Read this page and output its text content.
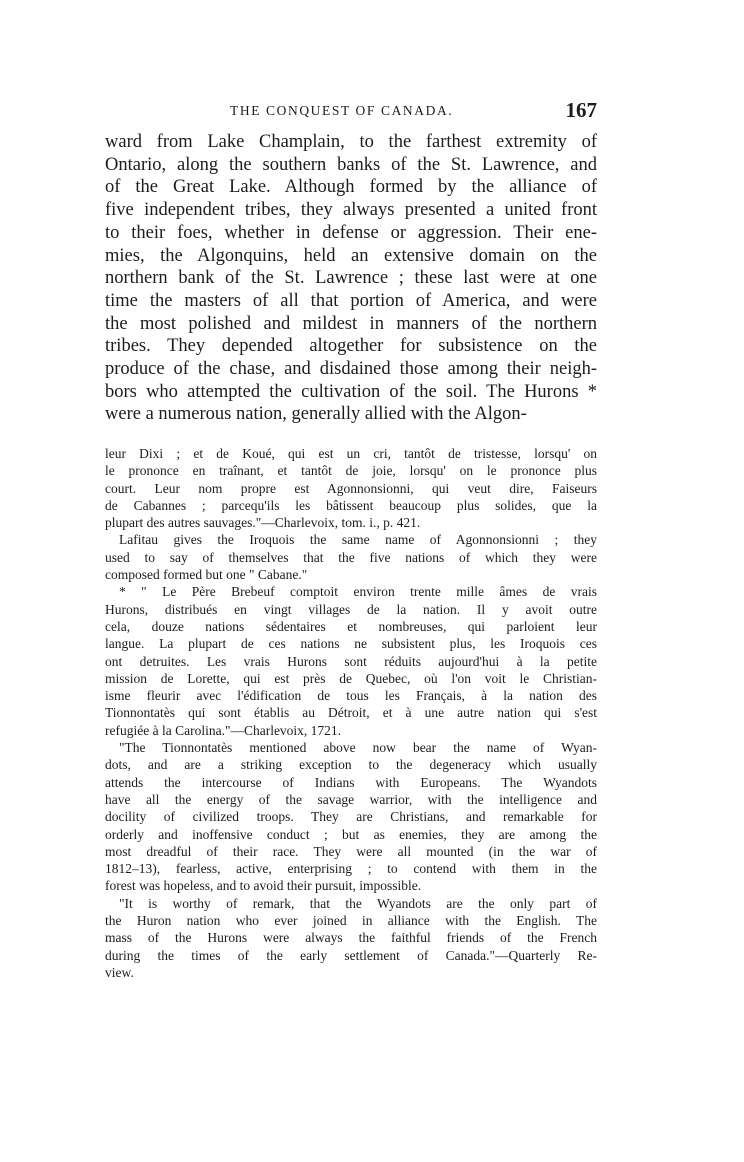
THE CONQUEST OF CANADA.	167
ward from Lake Champlain, to the farthest extremity of
Ontario, along the southern banks of the St. Lawrence, and
of the Great Lake. Although formed by the alliance of
five independent tribes, they always presented a united front
to their foes, whether in defense or aggression. Their ene-
mies, the Algonquins, held an extensive domain on the
northern bank of the St. Lawrence ; these last were at one
time the masters of all that portion of America, and were
the most polished and mildest in manners of the northern
tribes. They depended altogether for subsistence on the
produce of the chase, and disdained those among their neigh-
bors who attempted the cultivation of the soil. The Hurons *
were a numerous nation, generally allied with the Algon-
leur Dixi ; et de Koué, qui est un cri, tantôt de tristesse, lorsqu' on
le prononce en traînant, et tantôt de joie, lorsqu' on le prononce plus
court. Leur nom propre est Agonnonsionni, qui veut dire, Faiseurs
de Cabannes ; parcequ'ils les bâtissent beaucoup plus solides, que la
plupart des autres sauvages."—Charlevoix, tom. i., p. 421.
Lafitau gives the Iroquois the same name of Agonnonsionni ; they
used to say of themselves that the five nations of which they were
composed formed but one " Cabane."
* " Le Père Brebeuf comptoit environ trente mille âmes de vrais
Hurons, distribués en vingt villages de la nation. Il y avoit outre
cela, douze nations sédentaires et nombreuses, qui parloient leur
langue. La plupart de ces nations ne subsistent plus, les Iroquois ces
ont detruites. Les vrais Hurons sont réduits aujourd'hui à la petite
mission de Lorette, qui est près de Quebec, où l'on voit le Christian-
isme fleurir avec l'édification de tous les Français, à la nation des
Tionnontatès qui sont établis au Détroit, et à une autre nation qui s'est
refugiée à la Carolina."—Charlevoix, 1721.
"The Tionnontatès mentioned above now bear the name of Wyan-
dots, and are a striking exception to the degeneracy which usually
attends the intercourse of Indians with Europeans. The Wyandots
have all the energy of the savage warrior, with the intelligence and
docility of civilized troops. They are Christians, and remarkable for
orderly and inoffensive conduct ; but as enemies, they are among the
most dreadful of their race. They were all mounted (in the war of
1812–13), fearless, active, enterprising ; to contend with them in the
forest was hopeless, and to avoid their pursuit, impossible.
"It is worthy of remark, that the Wyandots are the only part of
the Huron nation who ever joined in alliance with the English. The
mass of the Hurons were always the faithful friends of the French
during the times of the early settlement of Canada."—Quarterly Re-
view.
